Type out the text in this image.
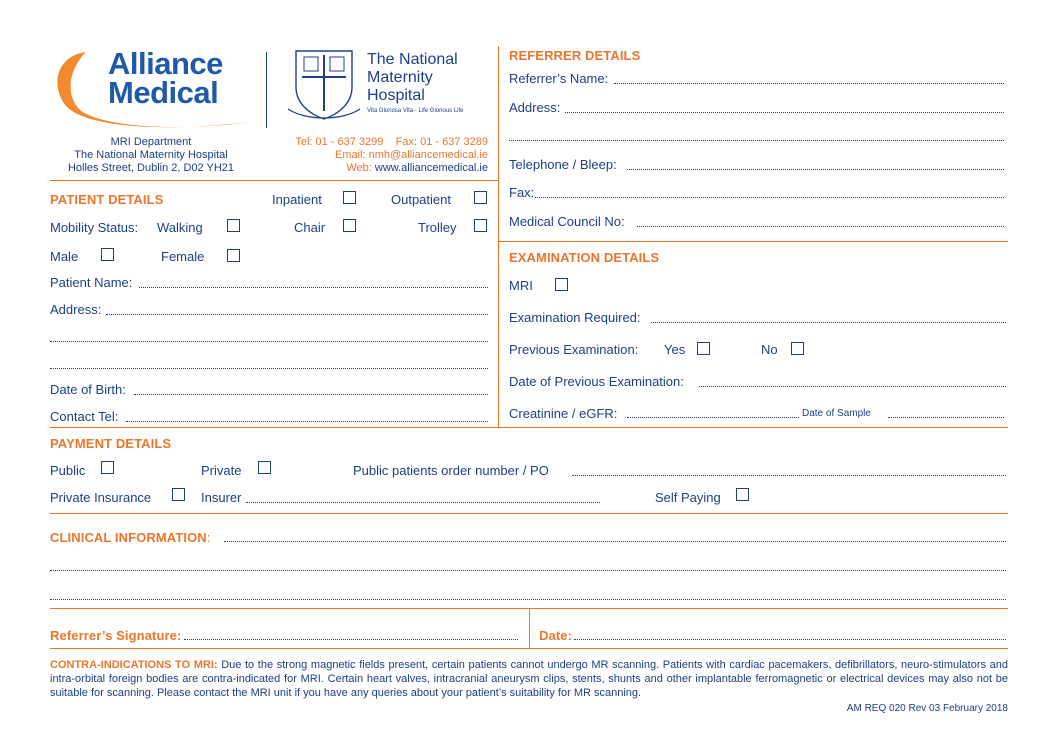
Alliance
Medical
MRI Department
The National Maternity Hospital
Holles Street, Dublin 2, D02 YH21
The National
Maternity
Hospital
Vita Gloriosa Vita - Life Glorious Life
Tel: 01 - 637 3299 Fax: 01 - 637 3289
Email: nmh@alliancemedical.ie
Web: www.alliancemedical.ie
PATIENT DETAILS	Inpatient	Outpatient
Mobility Status: Walking	Chair	Trolley
Male	Female
Patient Name:
Address:
Date of Birth:
Contact Tel:
REFERRER DETAILS
Referrer’s Name:
Address:
Telephone / Bleep:
Fax:
Medical Council No:
EXAMINATION DETAILS
MRI
Examination Required:
Previous Examination: Yes	No
Date of Previous Examination:
Creatinine / eGFR:	Date of Sample
PAYMENT DETAILS
Public	Private	Public patients order number / PO
Private Insurance	Insurer	Self Paying
CLINICAL INFORMATION:
Referrer’s Signature:	Date:
CONTRA-INDICATIONS TO MRI: Due to the strong magnetic fields present, certain patients cannot undergo MR scanning. Patients with cardiac pacemakers, defibrillators, neuro-stimulators and intra-orbital foreign bodies are contra-indicated for MRI. Certain heart valves, intracranial aneurysm clips, stents, shunts and other implantable ferromagnetic or electrical devices may also not be suitable for scanning. Please contact the MRI unit if you have any queries about your patient’s suitability for MR scanning.
AM REQ 020 Rev 03 February 2018
